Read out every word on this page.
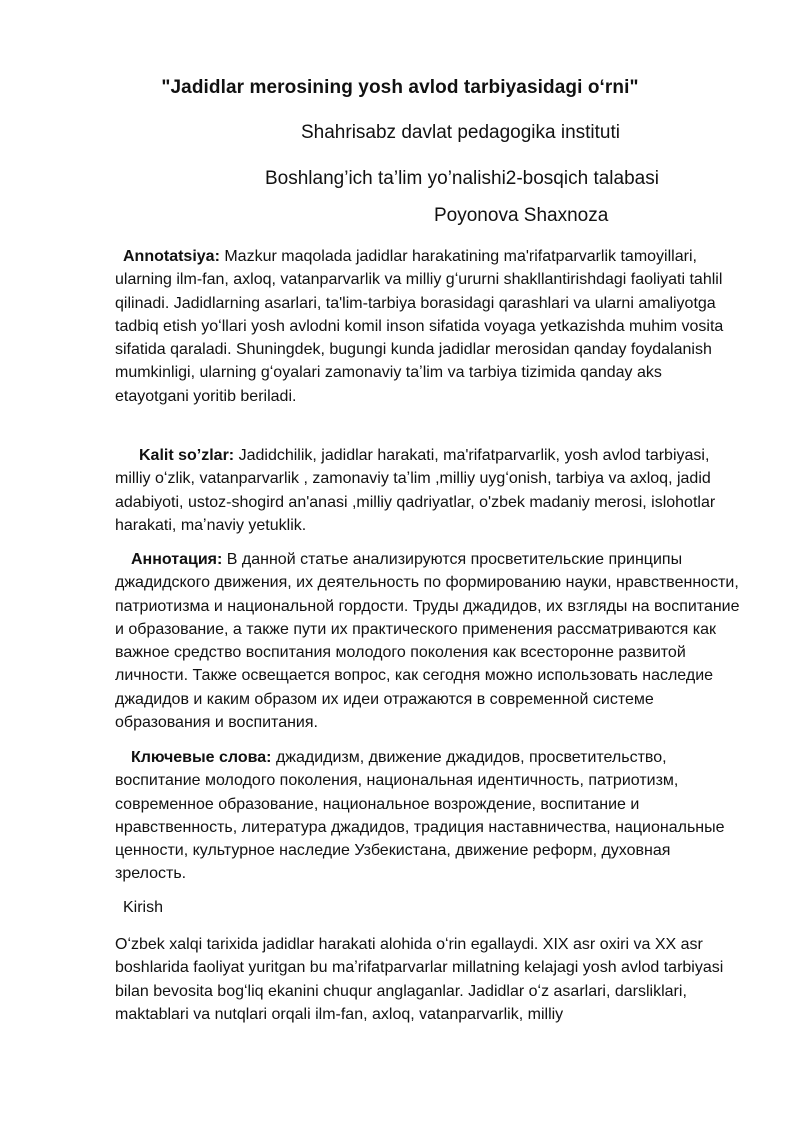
"Jadidlar merosining yosh avlod tarbiyasidagi oʻrni"
Shahrisabz davlat pedagogika instituti
Boshlang’ich ta’lim yo’nalishi2-bosqich talabasi
Poyonova Shaxnoza

Annotatsiya: Mazkur maqolada jadidlar harakatining ma'rifatparvarlik tamoyillari, ularning ilm-fan, axloq, vatanparvarlik va milliy gʻururni shakllantirishdagi faoliyati tahlil qilinadi. Jadidlarning asarlari, ta'lim-tarbiya borasidagi qarashlari va ularni amaliyotga tadbiq etish yoʻllari yosh avlodni komil inson sifatida voyaga yetkazishda muhim vosita sifatida qaraladi. Shuningdek, bugungi kunda jadidlar merosidan qanday foydalanish mumkinligi, ularning gʻoyalari zamonaviy taʼlim va tarbiya tizimida qanday aks etayotgani yoritib beriladi.

Kalit so’zlar: Jadidchilik, jadidlar harakati, ma'rifatparvarlik, yosh avlod tarbiyasi, milliy oʻzlik, vatanparvarlik , zamonaviy taʼlim ,milliy uygʻonish, tarbiya va axloq, jadid adabiyoti, ustoz-shogird an'anasi ,milliy qadriyatlar, o'zbek madaniy merosi, islohotlar harakati, maʼnaviy yetuklik.

Аннотация: В данной статье анализируются просветительские принципы джадидского движения, их деятельность по формированию науки, нравственности, патриотизма и национальной гордости. Труды джадидов, их взгляды на воспитание и образование, а также пути их практического применения рассматриваются как важное средство воспитания молодого поколения как всесторонне развитой личности. Также освещается вопрос, как сегодня можно использовать наследие джадидов и каким образом их идеи отражаются в современной системе образования и воспитания.

Ключевые слова: джадидизм, движение джадидов, просветительство, воспитание молодого поколения, национальная идентичность, патриотизм, современное образование, национальное возрождение, воспитание и нравственность, литература джадидов, традиция наставничества, национальные ценности, культурное наследие Узбекистана, движение реформ, духовная зрелость.

Kirish

Oʻzbek xalqi tarixida jadidlar harakati alohida oʻrin egallaydi. XIX asr oxiri va XX asr boshlarida faoliyat yuritgan bu maʼrifatparvarlar millatning kelajagi yosh avlod tarbiyasi bilan bevosita bogʻliq ekanini chuqur anglaganlar. Jadidlar oʻz asarlari, darsliklari, maktablari va nutqlari orqali ilm-fan, axloq, vatanparvarlik, milliy
